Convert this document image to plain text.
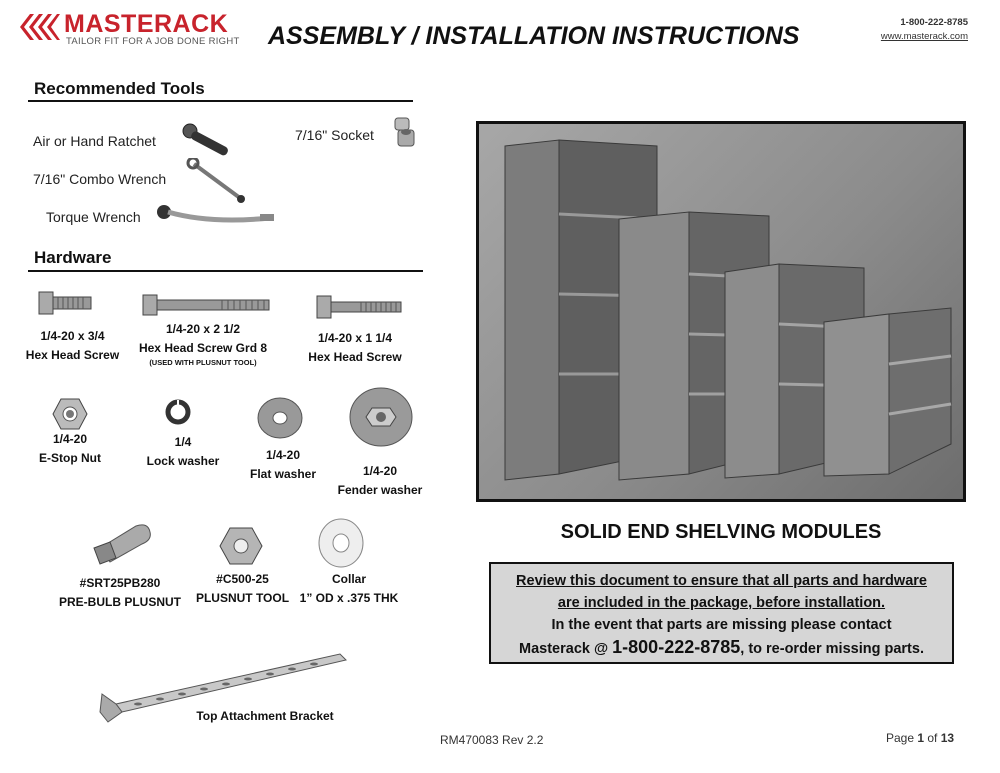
MASTERACK
TAILOR FIT FOR A JOB DONE RIGHT ASSEMBLY / INSTALLATION INSTRUCTIONS	1-800-222-8785
www.masterack.com
Recommended Tools
Air or Hand Ratchet	7/16" Socket
7/16" Combo Wrench
Torque Wrench
Hardware
1/4-20 x 3/4
Hex Head Screw
1/4-20 x 2 1/2
Hex Head Screw Grd 8
(USED WITH PLUSNUT TOOL)
1/4-20 x 1 1/4
Hex Head Screw
1/4-20
E-Stop Nut
1/4
Lock washer	1/4-20
Flat washer	1/4-20
Fender washer
#SRT25PB280
PRE-BULB PLUSNUT
#C500-25
PLUSNUT TOOL
Collar
1” OD x .375 THK
Top Attachment Bracket
SOLID END SHELVING MODULES
Review this document to ensure that all parts and hardware
are included in the package, before installation.
In the event that parts are missing please contact
Masterack @ 1-800-222-8785, to re-order missing parts.
RM470083 Rev 2.2	Page 1 of 13
